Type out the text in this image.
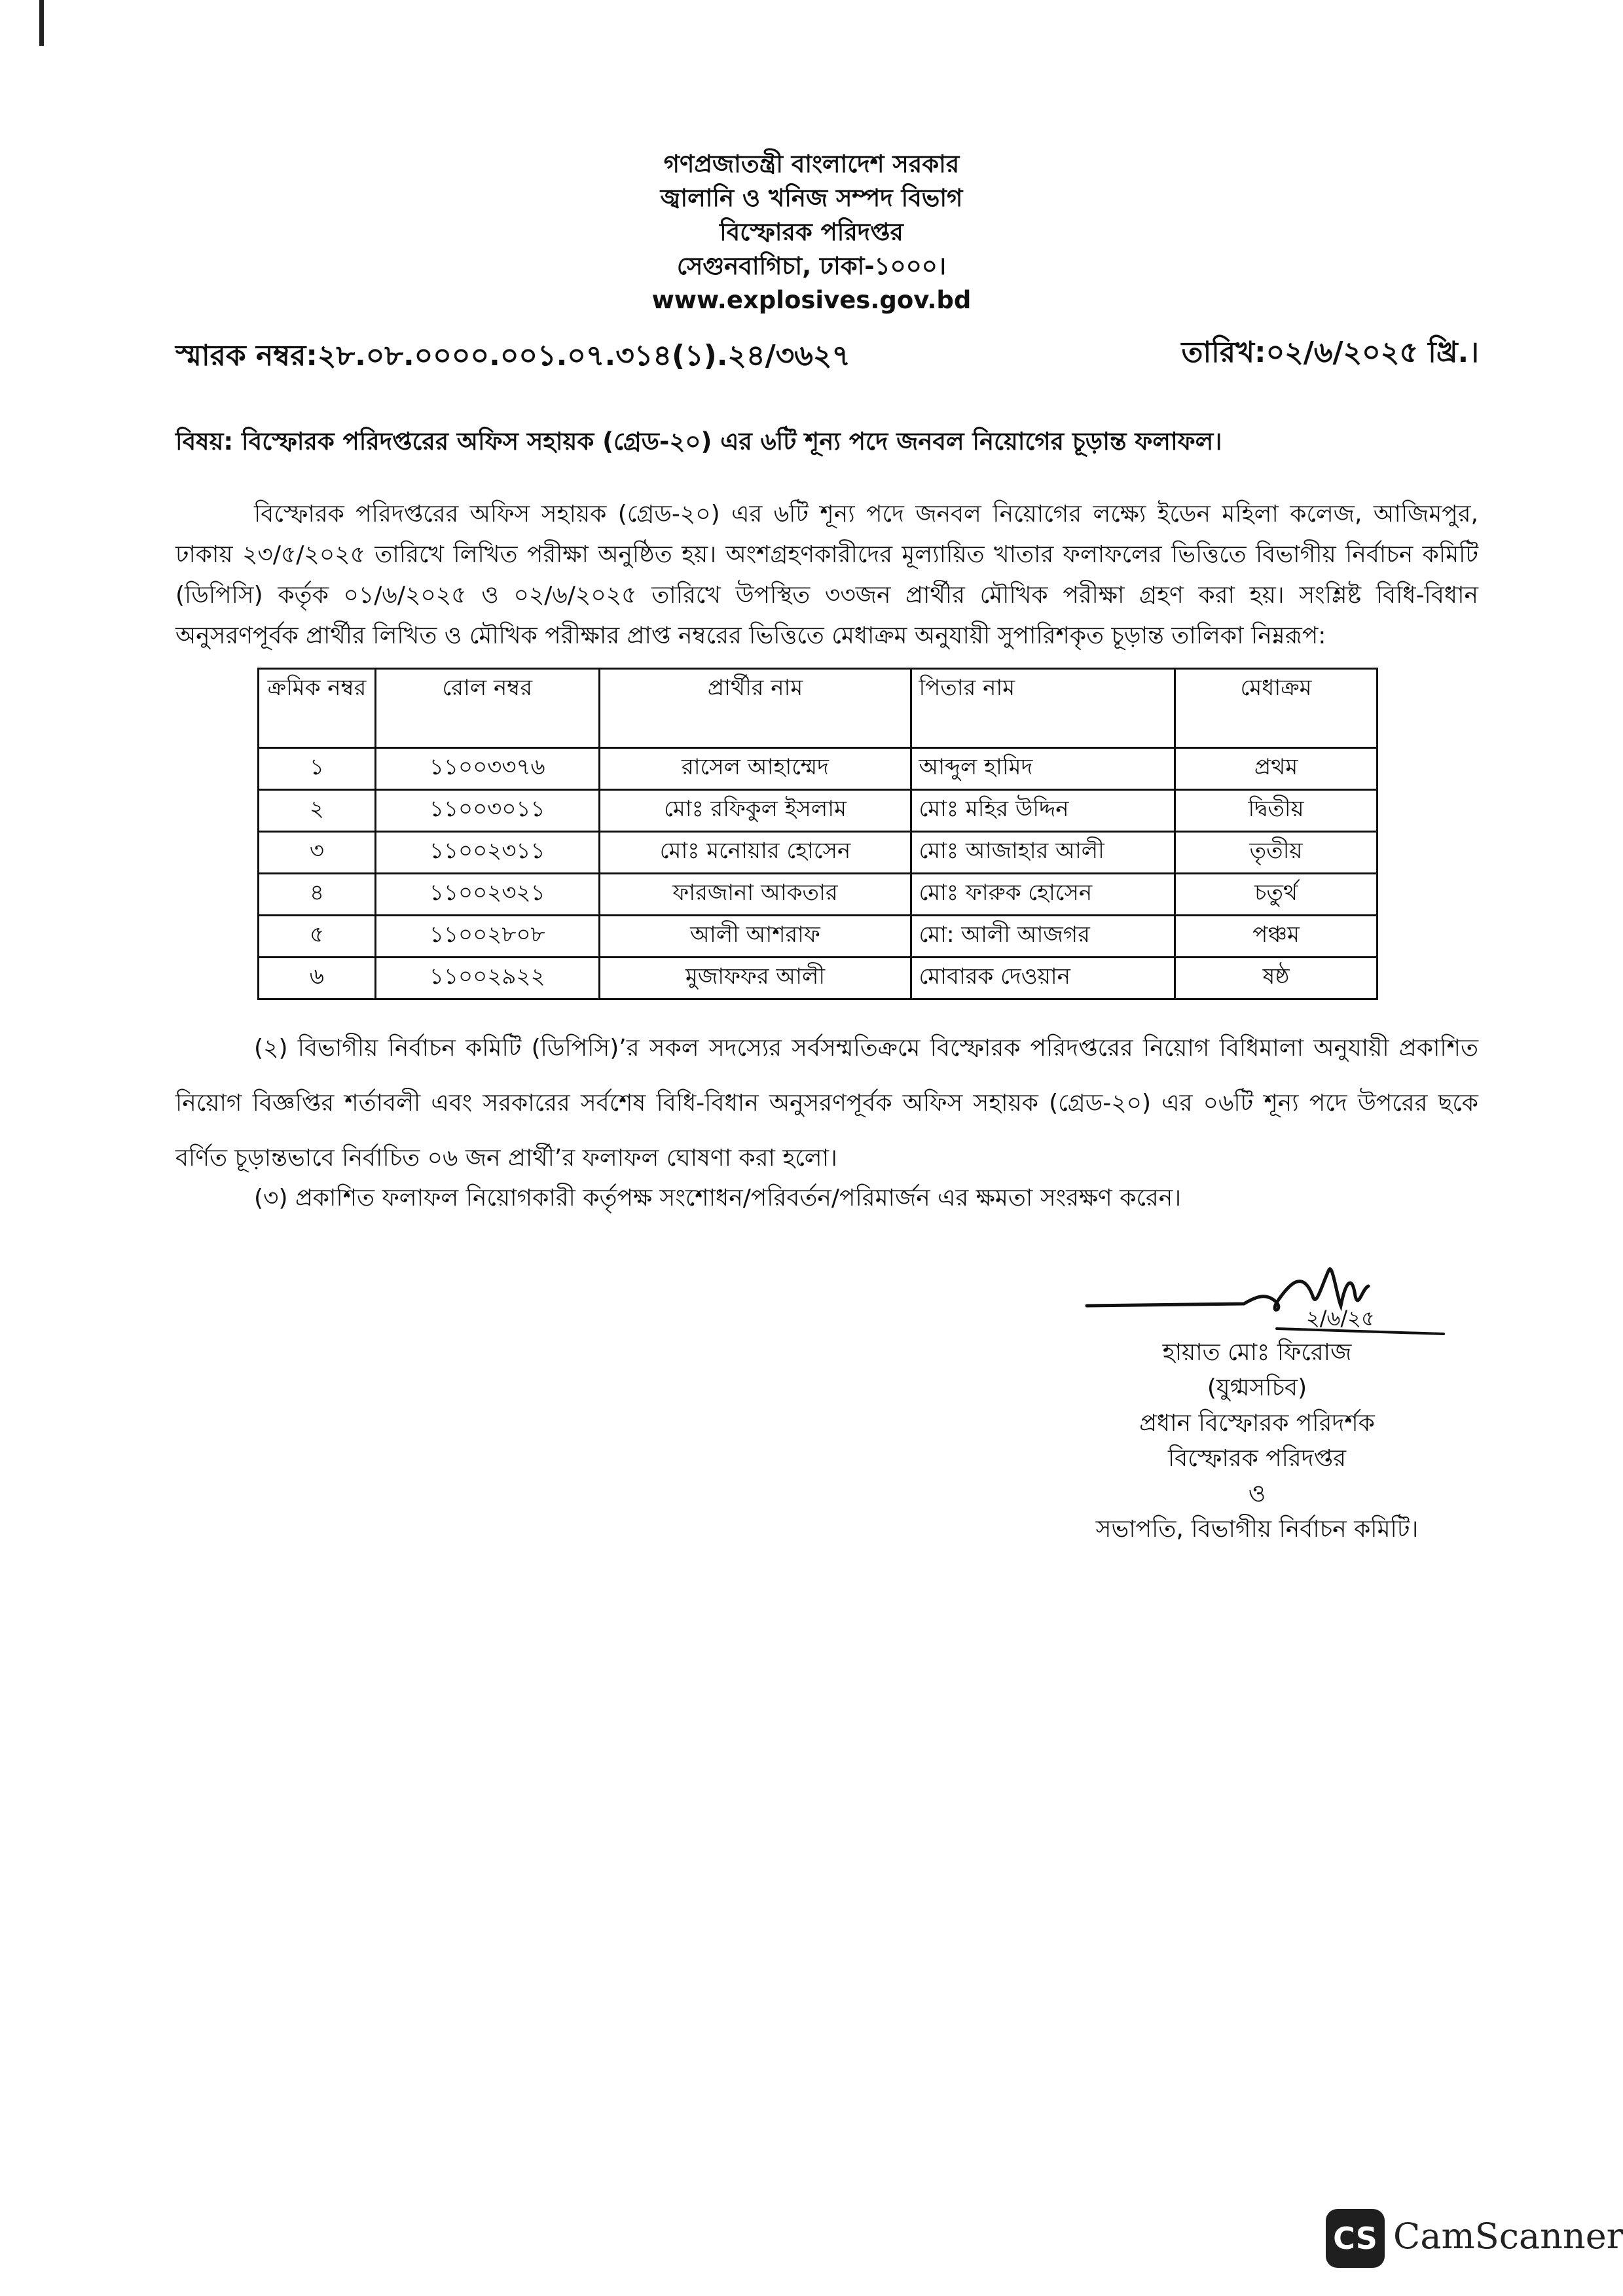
গণপ্রজাতন্ত্রী বাংলাদেশ সরকার
জ্বালানি ও খনিজ সম্পদ বিভাগ
বিস্ফোরক পরিদপ্তর
সেগুনবাগিচা, ঢাকা-১০০০।
www.explosives.gov.bd
স্মারক নম্বর:২৮.০৮.০০০০.০০১.০৭.৩১৪(১).২৪/৩৬২৭	তারিখ:০২/৬/২০২৫ খ্রি.।
বিষয়: বিস্ফোরক পরিদপ্তরের অফিস সহায়ক (গ্রেড-২০) এর ৬টি শূন্য পদে জনবল নিয়োগের চূড়ান্ত ফলাফল।
বিস্ফোরক পরিদপ্তরের অফিস সহায়ক (গ্রেড-২০) এর ৬টি শূন্য পদে জনবল নিয়োগের লক্ষ্যে ইডেন মহিলা কলেজ, আজিমপুর, ঢাকায় ২৩/৫/২০২৫ তারিখে লিখিত পরীক্ষা অনুষ্ঠিত হয়। অংশগ্রহণকারীদের মূল্যায়িত খাতার ফলাফলের ভিত্তিতে বিভাগীয় নির্বাচন কমিটি (ডিপিসি) কর্তৃক ০১/৬/২০২৫ ও ০২/৬/২০২৫ তারিখে উপস্থিত ৩৩জন প্রার্থীর মৌখিক পরীক্ষা গ্রহণ করা হয়। সংশ্লিষ্ট বিধি-বিধান অনুসরণপূর্বক প্রার্থীর লিখিত ও মৌখিক পরীক্ষার প্রাপ্ত নম্বরের ভিত্তিতে মেধাক্রম অনুযায়ী সুপারিশকৃত চূড়ান্ত তালিকা নিম্নরূপ:
ক্রমিক নম্বর	রোল নম্বর	প্রার্থীর নাম	পিতার নাম	মেধাক্রম
১	১১০০৩৩৭৬	রাসেল আহাম্মেদ	আব্দুল হামিদ	প্রথম
২	১১০০৩০১১	মোঃ রফিকুল ইসলাম	মোঃ মহির উদ্দিন	দ্বিতীয়
৩	১১০০২৩১১	মোঃ মনোয়ার হোসেন	মোঃ আজাহার আলী	তৃতীয়
৪	১১০০২৩২১	ফারজানা আকতার	মোঃ ফারুক হোসেন	চতুর্থ
৫	১১০০২৮০৮	আলী আশরাফ	মো: আলী আজগর	পঞ্চম
৬	১১০০২৯২২	মুজাফফর আলী	মোবারক দেওয়ান	ষষ্ঠ
(২) বিভাগীয় নির্বাচন কমিটি (ডিপিসি)’র সকল সদস্যের সর্বসম্মতিক্রমে বিস্ফোরক পরিদপ্তরের নিয়োগ বিধিমালা অনুযায়ী প্রকাশিত নিয়োগ বিজ্ঞপ্তির শর্তাবলী এবং সরকারের সর্বশেষ বিধি-বিধান অনুসরণপূর্বক অফিস সহায়ক (গ্রেড-২০) এর ০৬টি শূন্য পদে উপরের ছকে বর্ণিত চূড়ান্তভাবে নির্বাচিত ০৬ জন প্রার্থী’র ফলাফল ঘোষণা করা হলো।
(৩) প্রকাশিত ফলাফল নিয়োগকারী কর্তৃপক্ষ সংশোধন/পরিবর্তন/পরিমার্জন এর ক্ষমতা সংরক্ষণ করেন।
২/৬/২৫
হায়াত মোঃ ফিরোজ
(যুগ্মসচিব)
প্রধান বিস্ফোরক পরিদর্শক
বিস্ফোরক পরিদপ্তর
ও
সভাপতি, বিভাগীয় নির্বাচন কমিটি।
CS CamScanner
